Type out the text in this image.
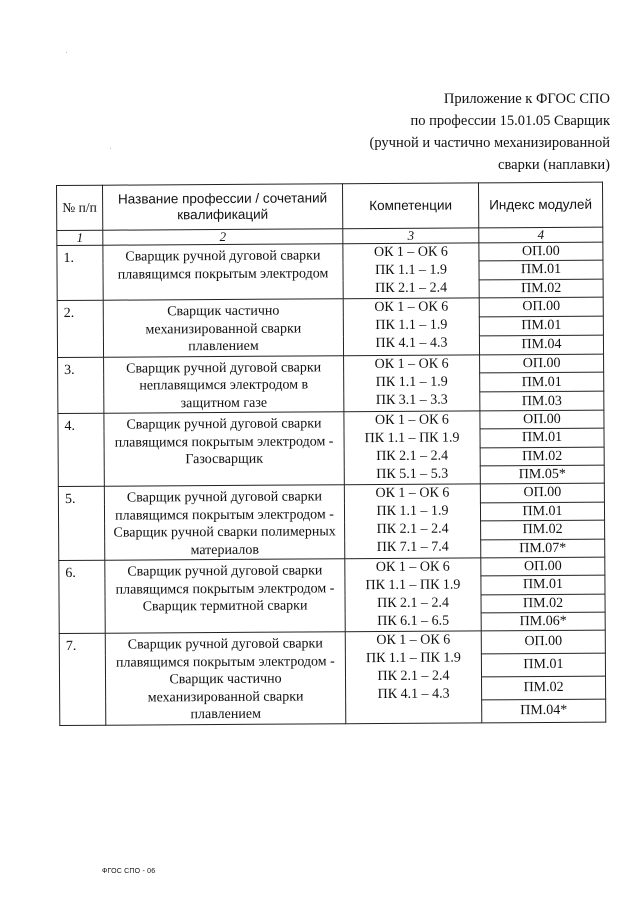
Приложение к ФГОС СПО
по профессии 15.01.05 Сварщик
(ручной и частично механизированной
сварки (наплавки)
№ п/п	Название профессии / сочетаний квалификаций	Компетенции	Индекс модулей
1	2	3	4
1.	Сварщик ручной дуговой сварки плавящимся покрытым электродом	ОК 1 – ОК 6
ПК 1.1 – 1.9
ПК 2.1 – 2.4	ОП.00
			ПМ.01
			ПМ.02
2.	Сварщик частично механизированной сварки плавлением	ОК 1 – ОК 6
ПК 1.1 – 1.9
ПК 4.1 – 4.3	ОП.00
			ПМ.01
			ПМ.04
3.	Сварщик ручной дуговой сварки неплавящимся электродом в защитном газе	ОК 1 – ОК 6
ПК 1.1 – 1.9
ПК 3.1 – 3.3	ОП.00
			ПМ.01
			ПМ.03
4.	Сварщик ручной дуговой сварки плавящимся покрытым электродом - Газосварщик	ОК 1 – ОК 6
ПК 1.1 – ПК 1.9
ПК 2.1 – 2.4
ПК 5.1 – 5.3	ОП.00
			ПМ.01
			ПМ.02
			ПМ.05*
5.	Сварщик ручной дуговой сварки плавящимся покрытым электродом - Сварщик ручной сварки полимерных материалов	ОК 1 – ОК 6
ПК 1.1 – 1.9
ПК 2.1 – 2.4
ПК 7.1 – 7.4	ОП.00
			ПМ.01
			ПМ.02
			ПМ.07*
6.	Сварщик ручной дуговой сварки плавящимся покрытым электродом - Сварщик термитной сварки	ОК 1 – ОК 6
ПК 1.1 – ПК 1.9
ПК 2.1 – 2.4
ПК 6.1 – 6.5	ОП.00
			ПМ.01
			ПМ.02
			ПМ.06*
7.	Сварщик ручной дуговой сварки плавящимся покрытым электродом - Сварщик частично механизированной сварки плавлением	ОК 1 – ОК 6
ПК 1.1 – ПК 1.9
ПК 2.1 – 2.4
ПК 4.1 – 4.3	ОП.00
			ПМ.01
			ПМ.02
			ПМ.04*
ФГОС СПО - 06
